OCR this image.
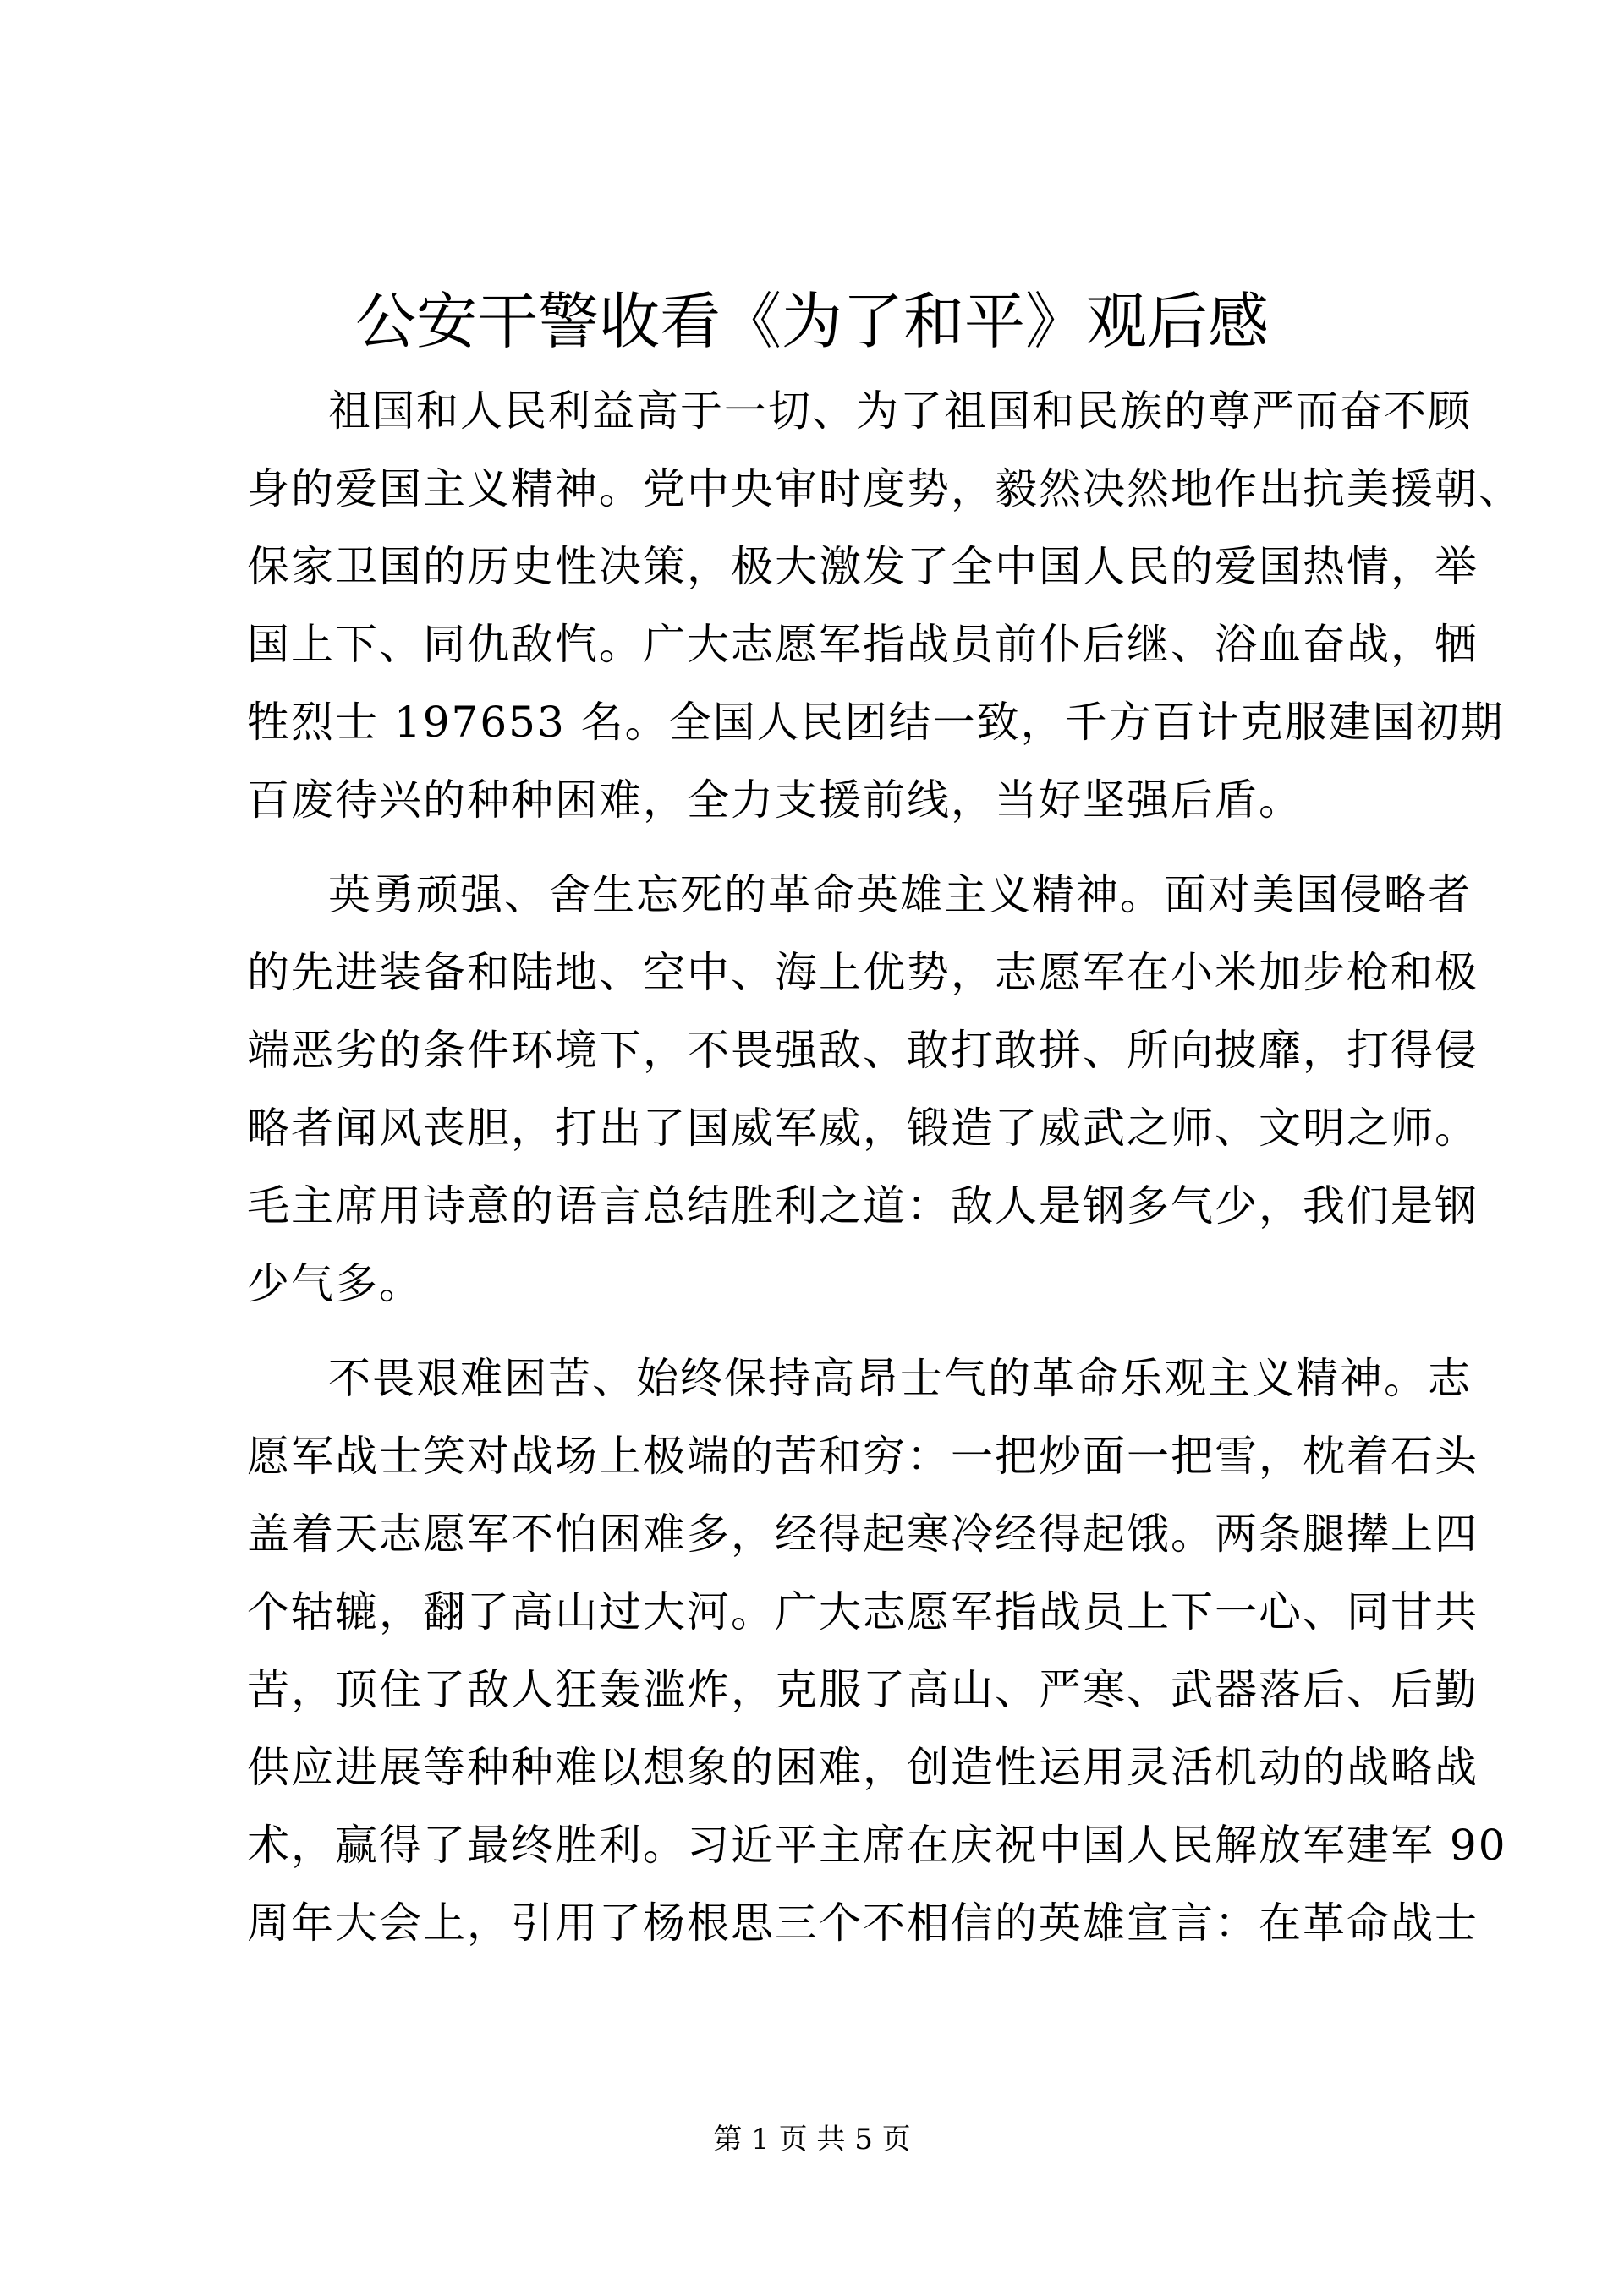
公安干警收看《为了和平》观后感
祖国和人民利益高于一切、为了祖国和民族的尊严而奋不顾
身的爱国主义精神。党中央审时度势，毅然决然地作出抗美援朝、
保家卫国的历史性决策，极大激发了全中国人民的爱国热情，举
国上下、同仇敌忾。广大志愿军指战员前仆后继、浴血奋战，牺
牲烈士 197653 名。全国人民团结一致，千方百计克服建国初期
百废待兴的种种困难，全力支援前线，当好坚强后盾。
英勇顽强、舍生忘死的革命英雄主义精神。面对美国侵略者
的先进装备和陆地、空中、海上优势，志愿军在小米加步枪和极
端恶劣的条件环境下，不畏强敌、敢打敢拼、所向披靡，打得侵
略者闻风丧胆，打出了国威军威，锻造了威武之师、文明之师。
毛主席用诗意的语言总结胜利之道：敌人是钢多气少，我们是钢
少气多。
不畏艰难困苦、始终保持高昂士气的革命乐观主义精神。志
愿军战士笑对战场上极端的苦和穷：一把炒面一把雪，枕着石头
盖着天志愿军不怕困难多，经得起寒冷经得起饿。两条腿撵上四
个轱辘，翻了高山过大河。广大志愿军指战员上下一心、同甘共
苦，顶住了敌人狂轰滥炸，克服了高山、严寒、武器落后、后勤
供应进展等种种难以想象的困难，创造性运用灵活机动的战略战
术，赢得了最终胜利。习近平主席在庆祝中国人民解放军建军 90
周年大会上，引用了杨根思三个不相信的英雄宣言：在革命战士
第 1 页 共 5 页
